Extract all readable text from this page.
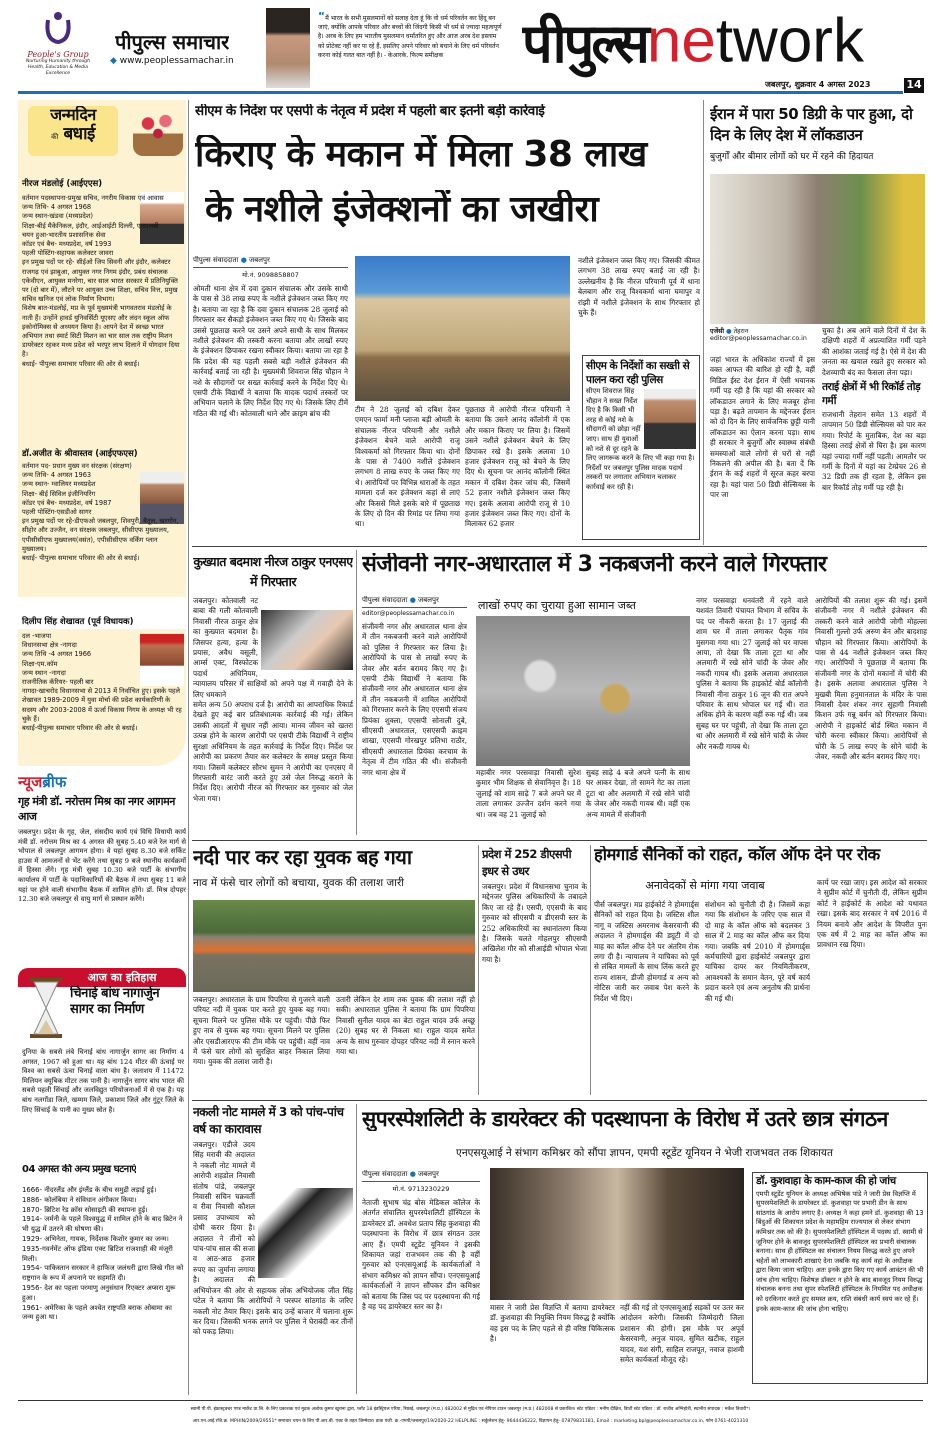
People's Group
Nurturing Humanity through Health, Education & Media Excellence
पीपुल्स समाचार
◆ www.peoplessamachar.in
“मैं भारत के सभी मुसलमानों को सलाह देता हूं कि वो धर्म परिवर्तन कर हिंदू बन जाएं, क्योंकि आपके परिवार और बच्चों की जिंदगी किसी भी धर्म से ज्यादा महत्वपूर्ण है। अरब के लिए हम भारतीय मुसलमान धर्मांतरित हुए और आज अरब देश इस्लाम को प्रोटेक्ट नहीं कर पा रहे हैं, इसलिए अपने परिवार को बचाने के लिए धर्म परिवर्तन करना कोई गलत बात नहीं है। - केआरके, फिल्म समीक्षक	पीपुल्सnetwork
जबलपुर, शुक्रवार 4 अगस्त 2023	14
जन्मदिन
की बधाई
नीरज मंडलोई (आईएएस)
वर्तमान पदस्थापना-प्रमुख सचिव, नगरीय विकास एवं आवास
जन्म तिथि- 4 अगस्त 1968
जन्म स्थान-खंडवा (मध्यप्रदेश)
शिक्षा-बीई मैकेनिकल, इंदौर, आईआईटी दिल्ली, एलएलबी
चयन हुआ-भारतीय प्रशासनिक सेवा
कॉडर एवं बैच- मध्यप्रदेश, वर्ष 1993
पहली पोस्टिंग-सहायक कलेक्टर जावरा
इन प्रमुख पदों पर रहे- सीईओ जिप सिवनी और इंदौर, कलेक्टर राजगढ़ एवं झाबुआ, आयुक्त नगर निगम इंदौर, प्रबंध संचालक एकेवीएन, आयुक्त मनरेगा, चार साल भारत सरकार में प्रतिनियुक्ति पर (दो बार में), लौटने पर आयुक्त उच्च शिक्षा, सचिव वित्त, प्रमुख सचिव खनिज एवं लोक निर्माण विभाग।
विशेष बात-मंडलोई, मप्र के पूर्व मुख्यमंत्री भागवतराव मंडलोई के नाती हैं। उन्होंने हावर्ड युनिवर्सिटी यूएसए और लंदन स्कूल ऑफ इकोनॉमिक्स से अध्ययन किया है। आपने देश में स्वच्छ भारत अभियान तथा स्मार्ट सिटी मिशन का चार साल तक राष्ट्रीय मिशन डायरेक्टर रहकर मध्य प्रदेश को भरपूर लाभ दिलाने में योगदान दिया है।
बधाई- पीपुल्स समाचार परिवार की ओर से बधाई।
डॉ.अजीत के श्रीवास्तव (आईएफएस)
वर्तमान पद- प्रधान मुख्य वन संरक्षक (संरक्षण)
जन्म तिथि- 4 अगस्त 1963
जन्म स्थान- ग्वालियर मध्यप्रदेश
शिक्षा- बीई सिविल इंजीनियरिंग
कॉडर एवं बैच- मध्यप्रदेश, वर्ष 1987
पहली पोस्टिंग-एसडीओ सागर
इन प्रमुख पदों पर रहे-डीएफओ जबलपुर, शिवपुरी, बैतूल, खरगोन, सीहोर और उज्जैन, वन संरक्षक जबलपुर, सीसीएफ मुख्यालय, एपीसीसीएफ मुख्यालय(वसंत), एपीसीसीएफ वर्किंग प्लान मुख्यालय।
बधाई- पीपुल्स समाचार परिवार की ओर से बधाई।
दिलीप सिंह शेखावत (पूर्व विधायक)
दल -भाजपा
विधानसभा क्षेत्र -नागदा
जन्म तिथि -4 अगस्त 1966
शिक्षा-एम.कॉम
जन्म स्थान -नागदा
राजनीतिक कॅरियर- पहली बार
नागदा-खाचरोद विधानसभा से 2013 में निर्वाचित हुए। इसके पहले शेखावत 1989-2009 में युवा मोर्चा की प्रदेश कार्यकारिणी के सदस्य और 2003-2008 में ऊर्जा विकास निगम के अध्यक्ष भी रह चुके हैं।
बधाई-पीपुल्स समाचार परिवार की ओर से बधाई।
न्यूजब्रीफ
गृह मंत्री डॉ. नरोत्तम मिश्र का नगर आगमन आज
जबलपुर। प्रदेश के गृह, जेल, संसदीय कार्य एवं विधि विधायी कार्य मंत्री डॉ. नरोत्तम मिश्र का 4 अगस्त की सुबह 5.40 बजे रेल मार्ग से भोपाल से जबलपुर आगमन होगा। वे यहां सुबह 8.30 बजे सर्किट हाउस में आमजनों से भेंट करेंगे तथा सुबह 9 बजे स्थानीय कार्यक्रमों में हिस्सा लेंगे। गृह मंत्री सुबह 10.30 बजे पार्टी के संभागीय कार्यालय में पार्टी के पदाधिकारियों की बैठक में तथा सुबह 11 बजे यहां पर होने वाली संभागीय बैठक में शामिल होंगे। डॉ. मिश्र दोपहर 12.30 बजे जबलपुर से वायु मार्ग से प्रस्थान करेंगे।
आज का इतिहास
चिनाई बांध नागार्जुन सागर का निर्माण
दुनिया के सबसे लंबे चिनाई बांध नागार्जुन सागर का निर्माण 4 अगस्त, 1967 को हुआ था। यह बांध 124 मीटर की ऊंचाई पर विश्व का सबसे ऊंचा चिनाई वाला बांध है। जलाशय में 11472 मिलियन क्यूबिक मीटर तक पानी है। नागार्जुन सागर बांध भारत की सबसे पहली सिंचाई और जलविद्युत परियोजनाओं में से एक है। यह बांध नलगोंडा जिले, खम्मम जिले, प्रकाशम जिले और गुंटूर जिले के लिए सिंचाई के पानी का मुख्य स्रोत है।
04 अगस्त की अन्य प्रमुख घटनाएं
1666- नीदरलैंड और इंग्लैंड के बीच समुद्री लड़ाई हुई।
1886- कोलंबिया ने संविधान अंगीकार किया।
1870- ब्रिटिश रेड क्रॉस सोसाइटी की स्थापना हुई।
1914- जर्मनी के पहले विश्वयुद्ध में शामिल होने के बाद ब्रिटेन ने भी युद्ध में उतरने की घोषणा की।
1929- अभिनेता, गायक, निर्देशक किशोर कुमार का जन्म।
1935-गवर्नमेंट ऑफ इंडिया एक्ट ब्रिटिश राजशाही की मंजूरी मिली।
1954- पाकिस्तान सरकार ने हाफिज जलंधरी द्वारा लिखे गीत को राष्ट्रगान के रूप में अपनाने पर सहमति दी।
1956- देश का पहला परमाणु अनुसंधान रिएक्टर अप्सरा शुरू हुआ।
1961- अमेरिका के पहले अश्वेत राष्ट्रपति बराक ओबामा का जन्म हुआ था।
सीएम के निर्देश पर एसपी के नेतृत्व में प्रदेश में पहली बार इतनी बड़ी कार्रवाई
किराए के मकान में मिला 38 लाख
के नशीले इंजेक्शनों का जखीरा
पीपुल्स संवाददाता ● जबलपुर
मो.नं. 9098858807
ओमती थाना क्षेत्र में दवा दुकान संचालक और उसके साथी के पास से 38 लाख रुपए के नशीले इंजेक्शन जब्त किए गए है। बताया जा रहा है कि दवा दुकान संचालक 28 जुलाई को गिरफ्तार कर सैकड़ो इंजेक्शन जब्त किए गए थे। जिसके बाद उससे पूछताछ करने पर उसने अपने साथी के साथ मिलकर नशीले इंजेक्शन की तस्करी करना बताया और लाखों रुपए के इंजेक्शन छिपाकर रखना स्वीकार किया। बताया जा रहा है कि प्रदेश की यह पहली सबसे बड़ी नशीले इंजेक्शन की कार्रवाई बताई जा रही है। मुख्यमंत्री शिवराज सिंह चौहान ने नशे के सौदागरों पर सख्त कार्रवाई करने के निर्देश दिए थे। एसपी टीके विद्यार्थी ने बताया कि मादक पदार्थ तस्करों पर अभियान चलाने के लिए निर्देश दिए गए थे। जिसके लिए टीमें गठित की गई थी। कोतवाली थाने और क्राइम ब्रांच की	टीम ने 28 जुलाई को दबिश देकर एमएन फार्मा मनी प्लाजा बड़ी ओमती के संचालक नीरज परियानी और नशीले इंजेक्शन बेचने वाले आरोपी राजू विश्वकर्मा को गिरफ्तार किया था। दोनों के पास से 7400 नशीले इंजेक्शन लगभग 8 लाख रुपए के जब्त किए गए थे। आरोपियों पर विभिन्न धाराओं के तहत मामला दर्ज कर इंजेक्शन कहां से लाएं और किससे मिले इसके बारे में पूछताछ के लिए दो दिन की रिमांड पर लिया गया था।
पूछताछ में आरोपी नीरज परियानी ने बताया कि उसने आनंद कॉलोनी में एक और मकान किराए पर लिया है। जिसमें उसने नशीले इंजेक्शन बेचने के लिए छिपाकर रखे है। इसके अलावा 10 हजार इंजेक्शन राजू को बेचने के लिए दिए थे। सूचना पर आनंद कॉलोनी स्थित मकान में दबिश देकर जांच की, जिसमें 52 हजार नशीले इंजेक्शन जब्त किए गए। इसके अलावा आरोपी राजू से 10 हजार इंजेक्शन जब्त किए गए। दोनों के मिलाकर 62 हजार
नशीले इंजेक्शन जब्त किए गए। जिसकी कीमत लगभग 38 लाख रुपए बताई जा रही है। उल्लेखनीय है कि नीरज परियानी पूर्व में थाना बेलबाग और राजू विश्वकर्मा थाना घमापुर व रांझी में नशीले इंजेक्शन के साथ गिरफ्तार हो चुके हैं।
सीएम के निर्देशों का सख्ती से पालन करा रही पुलिस
सीएम शिवराज सिंह चौहान ने सख्त निर्देश दिए है कि किसी भी तरह से कोई नशे के सौदागरों को छोड़ा नहीं जाए। साथ ही युवाओं को नशे से दूर रहने के लिए जागरूक करने के लिए भी कहा गया है। निर्देशों पर जबलपुर पुलिस मादक पदार्थ तस्करों पर लगातार अभियान चलाकर कार्रवाई कर रही है।
ईरान में पारा 50 डिग्री के पार हुआ, दो दिन के लिए देश में लॉकडाउन
बुजुर्गों और बीमार लोगों को घर में रहने की हिदायत
एजेंसी ● तेहरान
editor@peoplessamachar.co.in
जहां भारत के अधिकांश राज्यों में इस वक्त आफत की बारिश हो रही है, वहीं मिडिल ईस्ट देश ईरान में ऐसी भयानक गर्मी पड़ रही है कि यहां की सरकार को लॉकडाउन लगाने के लिए मजबूर होना पड़ा है। बढ़ते तापमान के मद्देनजर ईरान को दो दिन के लिए सार्वजनिक छुट्टी यानी लॉकडाउन का ऐलान करना पड़ा। साथ ही सरकार ने बुजुर्गों और स्वास्थ्य संबंधी समस्याओं वाले लोगों से घरों से नहीं निकलने की अपील की है। बता दें कि ईरान के कई शहरों में सूरज कहर बरपा रहा है। यहां पारा 50 डिग्री सेल्सियस के पार जा
चुका है। अब आने वाले दिनों में देश के दक्षिणी शहरों में अप्रत्याशित गर्मी पड़ने की आशंका जताई गई है। ऐसे में देश की जनता का खयाल रखते हुए सरकार को देशव्यापी बंद का फैसला लेना पड़ा।
तराई क्षेत्रों में भी रिकॉर्ड तोड़ गर्मी
राजधानी तेहरान समेत 13 शहरों में तापमान 50 डिग्री सेल्सियस को पार कर गया। रिपोर्ट के मुताबिक, देश का बड़ा हिस्सा तराई क्षेत्रों से घिरा है। इस कारण यहां ज्यादा गर्मी नहीं पड़ती। आमतौर पर गर्मी के दिनों में यहां का टेम्प्रेचर 26 से 32 डिग्री तक ही रहता है, लेकिन इस बार रिकॉर्ड तोड़ गर्मी पड़ रही है।
कुख्यात बदमाश नीरज ठाकुर एनएसए में गिरफ्तार
जबलपुर। कोतवाली नट बाबा की गली कोतवाली निवासी नीरज ठाकुर क्षेत्र का कुख्यात बदमाश है। जिसपर हत्या, हत्या के प्रयास, अवैध वसूली, आर्म्स एक्ट, विस्फोटक पदार्थ अधिनियम, न्यायालय परिसर में साक्षियों को अपने पक्ष में गवाही देने के लिए धमकाने
समेत अन्य 50 अपराध दर्ज है। आरोपी का आपराधिक रिकार्ड देखते हुए कई बार प्रतिबंधात्मक कार्रवाई की गई। लेकिन उसकी आदतों में सुधार नहीं आया। मानव जीवन को खतरा उत्पन्न होने के कारण आरोपी पर एसपी टीके विद्यार्थी ने राष्ट्रीय सुरक्षा अधिनियम के तहत कार्रवाई के निर्देश दिए। निर्देश पर आरोपी का प्रकरण तैयार कर कलेक्टर के समक्ष प्रस्तुत किया गया। जिसमें कलेक्टर सौरभ सुमन ने आरोपी का एनएसए में गिरफ्तारी वारंट जारी करते हुए उसे जेल निरुद्ध कराने के निर्देश दिए। आरोपी नीरज को गिरफ्तार कर गुरुवार को जेल भेजा गया।
संजीवनी नगर-अधारताल में 3 नकबजनी करने वाले गिरफ्तार
पीपुल्स संवाददाता ● जबलपुर
editor@peoplessamachar.co.in
संजीवनी नगर और अधारताल थाना क्षेत्र में तीन नकबजनी करने वाले आरोपियों को पुलिस ने गिरफ्तार कर लिया है। आरोपियों के पास से लाखों रुपए के जेवर और बर्तन बरामद किए गए है। एसपी टीके विद्यार्थी ने बताया कि संजीवनी नगर और अधारताल थाना क्षेत्र में तीन नकबजनी में शामिल आरोपियों को गिरफ्तार करने के लिए एएसपी संजय प्रियंका शुक्ला, एएसपी सोनाली दुबे, सीएसपी अधारताल, एसएसपी क्राइम शाखा, एएसपी गोरखपुर प्रतिभा राठौर, सीएसपी अधारताल प्रियंका करचाम के नेतृत्व में टीम गठित की थी। संजीवनी नगर थाना क्षेत्र में
लाखों रुपए का चुराया हुआ सामान जब्त
महाबीर नगर परसवाड़ा निवासी सुरेश कुमार भीम शिक्षक से सेवानिवृत्त है। 18 जुलाई को शाम साढ़े 7 बजे अपने घर में ताला लगाकर उज्जैन दर्शन करने गया था। जब वह 21 जुलाई को
सुबह साढ़े 4 बजे अपने पत्नी के साथ घर आकर देखा, तो सामने गेट का ताला टूटा था और अलमारी में रखे सोने चांदी के जेवर और नकदी गायब थी। वहीं एक अन्य मामले में संजीवनी
नगर परसवाड़ा धनवंतरी में रहने वाले यशवंत तिवारी पंचायत विभाग में सचिव के पद पर नौकरी करता है। 17 जुलाई की शाम घर में ताला लगाकर पैतृक गांव मुसगवा गया था। 27 जुलाई को घर वापस आया, तो देखा कि ताला टूटा था और अलमारी में रखे सोने चांदी के जेवर और नकदी गायब थी। इसके अलावा अधारताल पुलिस ने बताया कि हाइकोर्ट बोर्ड कॉलोनी निवासी नीना ठाकुर 16 जून की रात अपने परिवार के साथ भोपाल घर गई थी। रात अधिक होने के कारण वहीं रुक गई थी। जब सुबह घर पर पहुंची, तो देखा कि ताला टूटा था और अलमारी में रखे सोने चांदी के जेवर और नकदी गायब थे।
आरोपियों की तलाश शुरू की गई। इसमें संजीवनी नगर में नशीले इंजेक्शन की तस्करी करने वाले आरोपी जोगी मोहल्ला निवासी गुल्लो उर्फ अरुण बेन और बादशाह चौहान को गिरफ्तार किया। आरोपियों के पास से 44 नशीले इंजेक्शन जब्त किए गए। आरोपियों ने पूछताछ में बताया कि संजीवनी नगर के दोनों मकानों में चोरी की है। इसके अलावा अधारताल पुलिस ने मुखबी मिला हनुमानताल के मंदिर के पास निवासी देवर शंकर नगर सुहागी निवासी किशन उर्फ गन्नू बर्मन को गिरफ्तार किया। आरोपी ने हाइकोर्ट बोर्ड स्थित मकान में चोरी करना स्वीकार किया। आरोपियों से चोरी के 5 लाख रुपए के सोने चांदी के जेवर, नकदी और बर्तन बरामद किए गए।
नदी पार कर रहा युवक बह गया
नाव में फंसे चार लोगों को बचाया, युवक की तलाश जारी
जबलपुर। अधारताल के ग्राम पिपरिया से गुजरने वाली परियट नदी में युवक पार करते हुए युवक बह गया। सूचना मिलने पर पुलिस मौके पर पहुंची। पीछे फिर हुए नाव से युवक बह गया। सूचना मिलने पर पुलिस और एसडीआरएफ की टीम मौके पर पहुंची। वहीं नाव में फंसे चार लोगों को सुरक्षित बाहर निकाल लिया गया। युवक की तलाश जारी है।
उतारी लेकिन देर शाम तक युवक की तलाश नहीं हो सकी। अधारताल पुलिस ने बताया कि ग्राम पिपरिया निवासी सुनील यादव का बेटा राहुल यादव उर्फ अच्छू (20) सुबह घर से निकला था। राहुल यादव समेत अन्य के साथ गुरुवार दोपहर परियट नदी में स्नान करने गया था।
प्रदेश में 252 डीएसपी इधर से उधर
जबलपुर। प्रदेश में विधानसभा चुनाव के मद्देनजर पुलिस अधिकारियों के तबादले किए जा रहे हैं। एसपी, एएसपी के बाद गुरुवार को सीएसपी व डीएसपी स्तर के 252 अधिकारियों का स्थानांतरण किया है। जिसके चलते गोहलपुर सीएसपी अखिलेश गौर को सीआईडी भोपाल भेजा गया है।
होमगार्ड सैनिकों को राहत, कॉल ऑफ देने पर रोक
अनावेदकों से मांगा गया जवाब
पीर्स जबलपुर। मप्र हाईकोर्ट ने होमगार्ड्स सैनिकों को राहत दिया है। जस्टिस शील नागू व जस्टिस अमरनाथ केसरवानी की अदालत ने होमगार्ड्स की ड्यूटी में दो माह का कॉल ऑफ देने पर अंतरिम रोक लगा दी है। न्यायालय ने याचिका को पूर्व से लंबित मामलों के साथ लिंक करते हुए राज्य शासन, डीजी होमगार्ड व अन्य को नोटिस जारी कर जवाब पेश करने के निर्देश भी दिए।
संशोधन को चुनौती दी है। जिसमें कहा गया कि संशोधन के जरिए एक साल में दो माह के कॉल ऑफ को बदलकर 3 साल में 2 माह का कॉल ऑफ कर दिया गया। जबकि वर्ष 2010 में होमगार्ड्स कर्मचारियों द्वारा हाईकोर्ट जबलपुर द्वारा याचिका दायर कर नियमितीकरण, आवश्यकों के समान वेतन, पूरे वर्ष कार्य प्रदान करने एवं अन्य अनुतोष की प्रार्थना की गई थी।
कार्य पर रखा जाए। इस आदेश को सरकार ने सुप्रीम कोर्ट में चुनौती दी, लेकिन सुप्रीम कोर्ट ने हाईकोर्ट के आदेश को यथावत रखा। इसके बाद सरकार ने वर्ष 2016 में नियम बनाये और आदेश के विपरीत पुनः एक वर्ष में 2 माह का कॉल ऑफ का प्रावधान रख दिया।
नकली नोट मामले में 3 को पांच-पांच वर्ष का कारावास
जबलपुर। एडीजे उदय सिंह मरावी की अदालत ने नकली नोट मामले में आरोपी शहडोल निवासी संतोष पांडे, जबलपुर निवासी सचिन चक्रवर्ती व रीवा निवासी कौशल प्रसाद उपाध्याय को दोषी करार दिया है। अदालत ने तीनों को पांच-पांच साल की सजा व आठ-आठ हजार रुपए का जुर्माना लगाया है। अदालत की अभियोजन की ओर से सहायक लोक अभियोजक जीत सिंह पटेल ने बताया कि आरोपियों ने परस्पर सांठगांठ के जरिए नकली नोट तैयार किए। इसके बाद उन्हें बाजार में चलाना शुरू कर दिया। जिसकी भनक लगने पर पुलिस ने घेराबंदी कर तीनों को पकड़ लिया।
सुपरस्पेशलिटी के डायरेक्टर की पदस्थापना के विरोध में उतरे छात्र संगठन
एनएसयूआई ने संभाग कमिश्नर को सौंपा ज्ञापन, एमपी स्टूडेंट यूनियन ने भेजी राजभवत तक शिकायत
पीपुल्स संवाददाता ● जबलपुर
मो.नं. 9713230229
नेताजी सुभाष चंद्र बोस मेडिकल कॉलेज के अंतर्गत संचालित सुपरस्पेशलिटी हॉस्पिटल के डायरेक्टर डॉ. अवधेश प्रताप सिंह कुशवाहा की पदस्थापना के विरोध में छात्र संगठन उतर आए हैं। एमपी स्टूडेंट यूनियन ने इसकी शिकायत जहां राजभवन तक की है वहीं गुरुवार को एनएसयूआई के कार्यकर्ताओं ने संभाग कमिश्नर को ज्ञापन सौंपा। एनएसयूआई कार्यकर्ताओं ने ज्ञापन सौंपकर डीन कमिश्नर को बताया कि जिस पद पर पदस्थापना की गई है वह पद डायरेक्टर स्तर का है।	मासर ने जारी प्रेस विज्ञप्ति में बताया डायरेक्टर डॉ. कुशवाहा की नियुक्ति नियम विरुद्ध है क्योंकि वह इस पद के लिए पहले से ही वरिष्ठ चिकित्सक है।
नहीं की गई तो एनएसयूआई सड़कों पर उतर कर आंदोलन करेगी। जिसकी जिम्मेदारी जिला प्रशासन की होगी। इस मौके पर अपूर्व केसरवानी, अनुज यादव, सुमित खटीक, राहुल यादव, यश संगी, साहिल राजपूत, नवाज हाशमी समेत कार्यकर्ता मौजूद रहे।
डॉ. कुशवाहा के काम-काज की हो जांच
एमपी स्टूडेंट यूनियन के अध्यक्ष अभिषेक पांडे ने जारी प्रेस विज्ञप्ति में सुपरस्पेशलिटी के डायरेक्टर डॉ. कुशवाहा पर प्रभारी डीन के साथ सांठगांठ के आरोप लगाए है। अध्यक्ष ने कहा हमने डॉ. कुशवाहा की 13 बिंदुओं की शिकायत प्रदेश के महामहिम राज्यपाल से लेकर संभाग कमिश्नर तक को की है। सुपरस्पेशलिटी हॉस्पिटल में पदस्थ डॉ. स्वामी से जूनियर होने के बावजूद सुपरस्पेशलिटी हॉस्पिटल का प्रभारी संचालक बनाना। साथ ही हॉस्पिटल का संचालन नियम विरुद्ध करते हुए अपने चहेतों को लाभकारी शाखाएं देना जबकि यह कार्य वहां के अधीक्षक द्वारा किया जाना चाहिए। अतः इनके द्वारा किए गए कार्य आवंटन की भी जांच होना चाहिए। विशेषज्ञ डॉक्टर न होने के बाद बावजूद नियम विरुद्ध संचालक बनना तथा सुपर स्पेशलिटी हॉस्पिटल के नियमित पद अधीक्षक को दरकिनार करते हुए समस्त क्रय, राशि संबंधी कार्य स्वयं कर रहे हैं। इनके काम-काज की जांच होना चाहिए।
स्वामी पी.पी. इंफ्रास्ट्रक्चर एण्ड मार्केट प्रा.लि. के लिए प्रकाशक एवं मुद्रक अशोक कुमार खुराना द्वारा, प्लॉट 18 इंडस्ट्रियल एरिया, रिछाई, जबलपुर (म.प्र.) 482002 से मुद्रित एवं नेपियर टाउन जबलपुर (म.प्र.) 482008 से प्रकाशित। स्टेट एडिटर : मनीष दीक्षित, डिप्टी स्टेट एडिटर : डॉ. राजीव अग्निहोत्री, स्थानीय संपादक : मर्केश तिवारी*।
आर.एन.आई.रजि.क्र. MPHIN/2009/29551* समाचार चयन के लिए पी.आर.बी. एक्ट के तहत जिम्मेदार। डाक पंजी. क्र.-एमपी/जबलपुर/19/2020-22 HELPLINE : सर्कुलेशन हेतु- 9644436222, विज्ञापन हेतु- 07879831181, Email : marketing.bpl@peoplessamachar.co.in, फोन 0761-4021310
